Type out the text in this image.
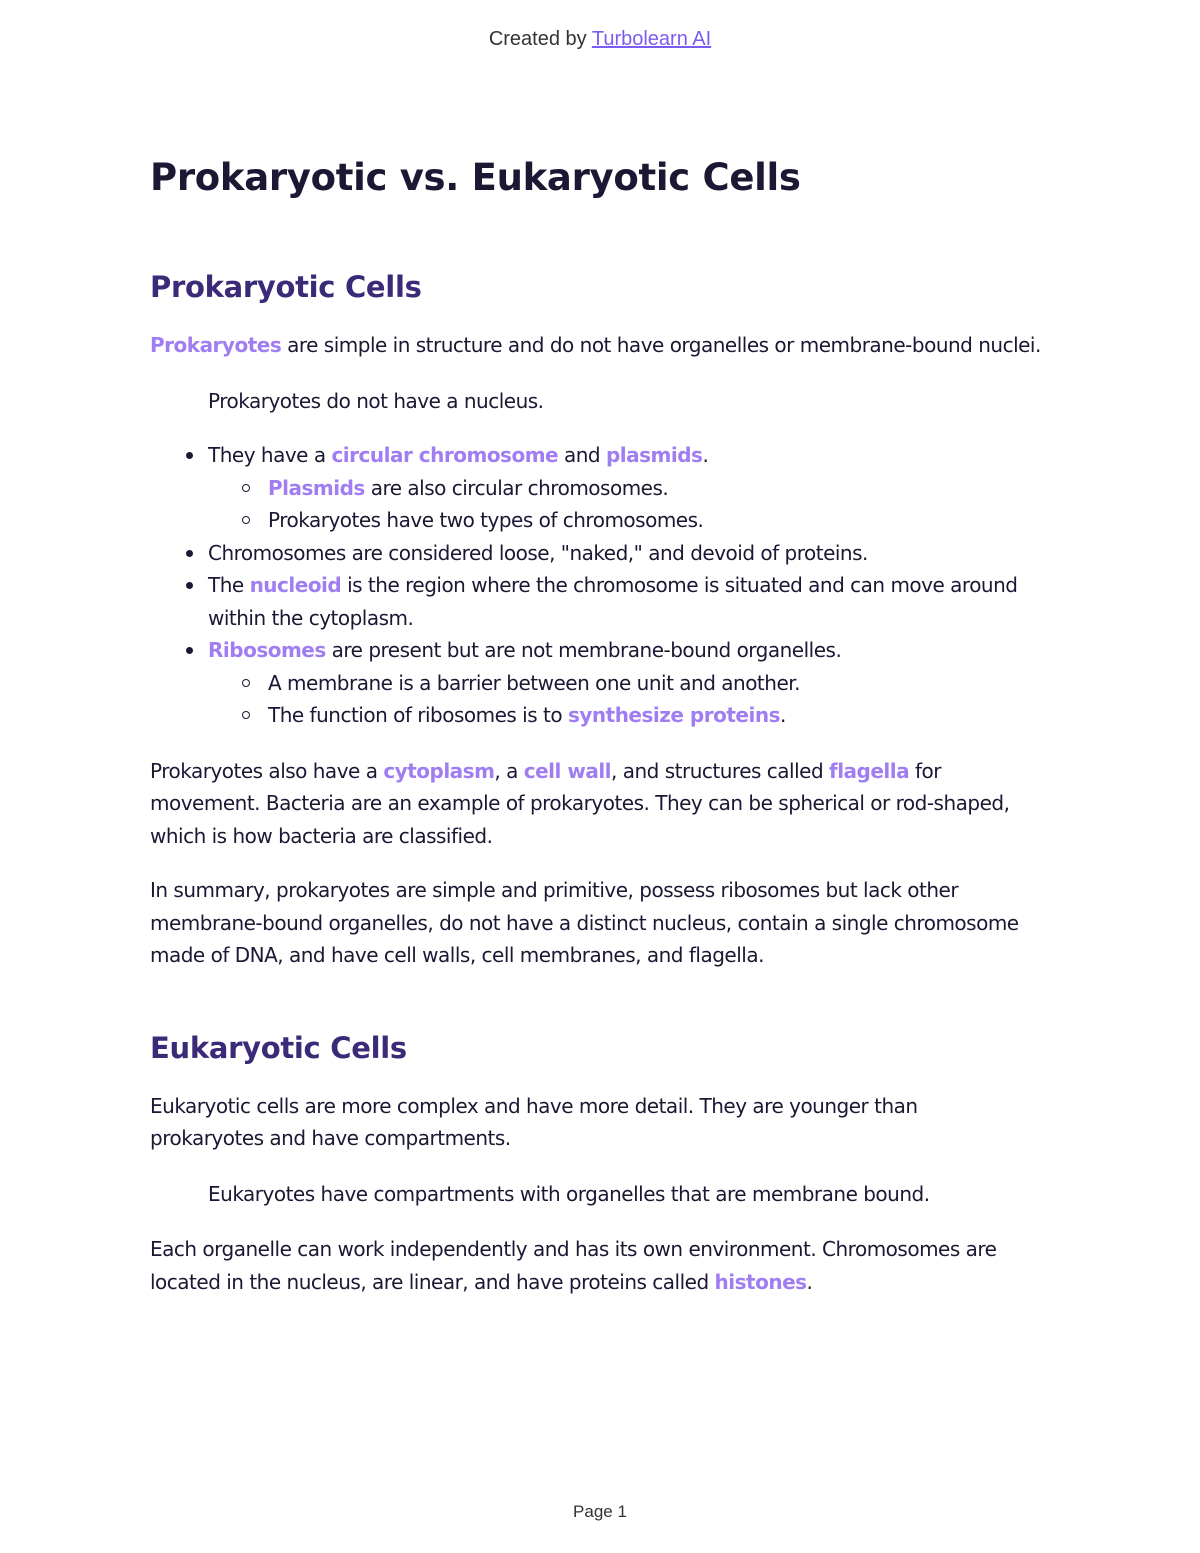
Created by Turbolearn AI
Prokaryotic vs. Eukaryotic Cells
Prokaryotic Cells

Prokaryotes are simple in structure and do not have organelles or membrane-bound nuclei.

Prokaryotes do not have a nucleus.

They have a circular chromosome and plasmids.
Plasmids are also circular chromosomes.
Prokaryotes have two types of chromosomes.
Chromosomes are considered loose, "naked," and devoid of proteins.
The nucleoid is the region where the chromosome is situated and can move around within the cytoplasm.
Ribosomes are present but are not membrane-bound organelles.
A membrane is a barrier between one unit and another.
The function of ribosomes is to synthesize proteins.

Prokaryotes also have a cytoplasm, a cell wall, and structures called flagella for movement. Bacteria are an example of prokaryotes. They can be spherical or rod-shaped, which is how bacteria are classified.

In summary, prokaryotes are simple and primitive, possess ribosomes but lack other membrane-bound organelles, do not have a distinct nucleus, contain a single chromosome made of DNA, and have cell walls, cell membranes, and flagella.

Eukaryotic Cells

Eukaryotic cells are more complex and have more detail. They are younger than prokaryotes and have compartments.

Eukaryotes have compartments with organelles that are membrane bound.

Each organelle can work independently and has its own environment. Chromosomes are located in the nucleus, are linear, and have proteins called histones.

Page 1
